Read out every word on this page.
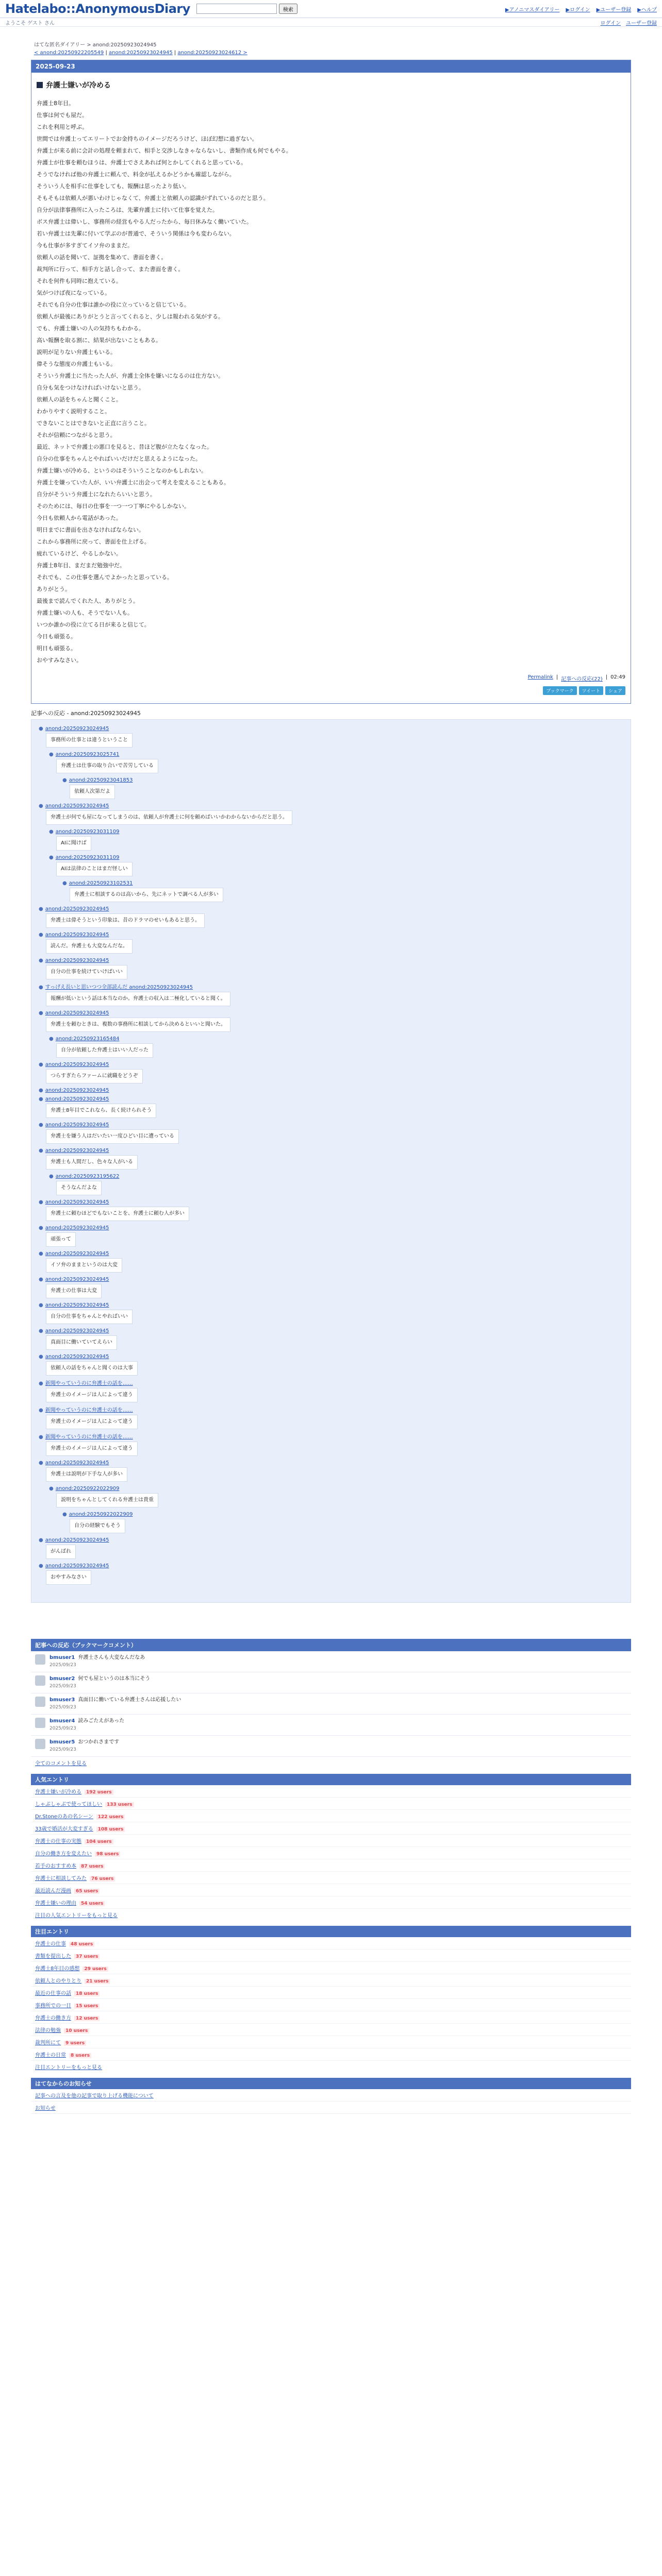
Hatelabo::AnonymousDiary	検索	▶アノニマスダイアリー ▶ログイン ▶ユーザー登録 ▶ヘルプ
ようこそ ゲスト さん	ログイン ユーザー登録
はてな匿名ダイアリー > anond:20250923024945
< anond:20250922205549 | anond:20250923024945 | anond:20250923024612 >
2025-09-23
弁護士嫌いが冷める

弁護士8年目。

仕事は何でも屋だ。

これを利用と呼ぶ。

世間では弁護士ってエリートでお金持ちのイメージだろうけど、ほぼ幻想に過ぎない。

弁護士が来る前に会計の処理を頼まれて、相手と交渉しなきゃならないし、書類作成も何でもやる。

弁護士が仕事を頼むほうは、弁護士でさえあれば何とかしてくれると思っている。

そうでなければ他の弁護士に頼んで、料金が払えるかどうかも確認しながら。

そういう人を相手に仕事をしても、報酬は思ったより低い。

そもそもは依頼人が悪いわけじゃなくて、弁護士と依頼人の認識がずれているのだと思う。

自分が法律事務所に入ったころは、先輩弁護士に付いて仕事を覚えた。

ボス弁護士は偉いし、事務所の経営もやる人だったから、毎日休みなく働いていた。

若い弁護士は先輩に付いて学ぶのが普通で、そういう関係は今も変わらない。

今も仕事が多すぎてイソ弁のままだ。

依頼人の話を聞いて、証拠を集めて、書面を書く。

裁判所に行って、相手方と話し合って、また書面を書く。

それを何件も同時に抱えている。

気がつけば夜になっている。

それでも自分の仕事は誰かの役に立っていると信じている。

依頼人が最後にありがとうと言ってくれると、少しは報われる気がする。

でも、弁護士嫌いの人の気持ちもわかる。

高い報酬を取る割に、結果が出ないこともある。

説明が足りない弁護士もいる。

偉そうな態度の弁護士もいる。

そういう弁護士に当たった人が、弁護士全体を嫌いになるのは仕方ない。

自分も気をつけなければいけないと思う。

依頼人の話をちゃんと聞くこと。

わかりやすく説明すること。

できないことはできないと正直に言うこと。

それが信頼につながると思う。

最近、ネットで弁護士の悪口を見ると、昔ほど腹が立たなくなった。

自分の仕事をちゃんとやればいいだけだと思えるようになった。

弁護士嫌いが冷める、というのはそういうことなのかもしれない。

弁護士を嫌っていた人が、いい弁護士に出会って考えを変えることもある。

自分がそういう弁護士になれたらいいと思う。

そのためには、毎日の仕事を一つ一つ丁寧にやるしかない。

今日も依頼人から電話があった。

明日までに書面を出さなければならない。

これから事務所に戻って、書面を仕上げる。

疲れているけど、やるしかない。

弁護士8年目、まだまだ勉強中だ。

それでも、この仕事を選んでよかったと思っている。

ありがとう。

最後まで読んでくれた人、ありがとう。

弁護士嫌いの人も、そうでない人も。

いつか誰かの役に立てる日が来ると信じて。

今日も頑張る。

明日も頑張る。

おやすみなさい。

Permalink | 記事への反応(22) | 02:49
ブックマーク	ツイート	シェア
記事への反応 - anond:20250923024945
● anond:20250923024945
事務所の仕事とは違うということ
● anond:20250923025741
弁護士は仕事の取り合いで苦労している
● anond:20250923041853
依頼人次第だよ
● anond:20250923024945
弁護士が何でも屋になってしまうのは、依頼人が弁護士に何を頼めばいいかわからないからだと思う。
● anond:20250923031109
AIに聞けば
● anond:20250923031109
AIは法律のことはまだ怪しい
● anond:20250923102531
弁護士に相談するのは高いから、先にネットで調べる人が多い
● anond:20250923024945
弁護士は偉そうという印象は、昔のドラマのせいもあると思う。
● anond:20250923024945
読んだ。弁護士も大変なんだな。
● anond:20250923024945
自分の仕事を続けていけばいい
● すっげえ長いと思いつつ全部読んだ anond:20250923024945
報酬が低いという話は本当なのか。弁護士の収入は二極化していると聞く。
● anond:20250923024945
弁護士を頼むときは、複数の事務所に相談してから決めるといいと聞いた。
● anond:20250923165484
自分が依頼した弁護士はいい人だった
● anond:20250923024945
つらすぎたらファームに就職をどうぞ
● anond:20250923024945
● anond:20250923024945
弁護士8年目でこれなら、長く続けられそう
● anond:20250923024945
弁護士を嫌う人はだいたい一度ひどい目に遭っている
● anond:20250923024945
弁護士も人間だし、色々な人がいる
● anond:20250923195622
そうなんだよな
● anond:20250923024945
弁護士に頼むほどでもないことを、弁護士に頼む人が多い
● anond:20250923024945
頑張って
● anond:20250923024945
イソ弁のままというのは大変
● anond:20250923024945
弁護士の仕事は大変
● anond:20250923024945
自分の仕事をちゃんとやればいい
● anond:20250923024945
真面目に働いていてえらい
● anond:20250923024945
依頼人の話をちゃんと聞くのは大事
● 新聞やっていうのに弁護士の話を……
弁護士のイメージは人によって違う
● 新聞やっていうのに弁護士の話を……
弁護士のイメージは人によって違う
● 新聞やっていうのに弁護士の話を……
弁護士のイメージは人によって違う
● anond:20250923024945
弁護士は説明が下手な人が多い
● anond:20250922022909
説明をちゃんとしてくれる弁護士は貴重
● anond:20250922022909
自分の経験でもそう
● anond:20250923024945
がんばれ
● anond:20250923024945
おやすみなさい
記事への反応（ブックマークコメント）
bmuser1 弁護士さんも大変なんだなあ
2025/09/23
bmuser2 何でも屋というのは本当にそう
2025/09/23
bmuser3 真面目に働いている弁護士さんは応援したい
2025/09/23
bmuser4 読みごたえがあった
2025/09/23
bmuser5 おつかれさまです
2025/09/23
全てのコメントを見る
人気エントリ
弁護士嫌いが冷める 192 users
しゃぶしゃぶで使ってほしい 133 users
Dr.Stoneのあの名シーン 122 users
33歳で婚活が大変すぎる 108 users
弁護士の仕事の実態 104 users
自分の働き方を変えたい 98 users
若手のおすすめ本 87 users
弁護士に相談してみた 76 users
最近読んだ漫画 65 users
弁護士嫌いの理由 54 users
注目の人気エントリーをもっと見る
注目エントリ
弁護士の仕事 48 users
書類を提出した 37 users
弁護士8年目の感想 29 users
依頼人とのやりとり 21 users
最近の仕事の話 18 users
事務所での一日 15 users
弁護士の働き方 12 users
法律の勉強 10 users
裁判所にて 9 users
弁護士の日常 8 users
注目エントリーをもっと見る
はてなからのお知らせ
記事への言及を他の記事で取り上げる機能について
お知らせ
